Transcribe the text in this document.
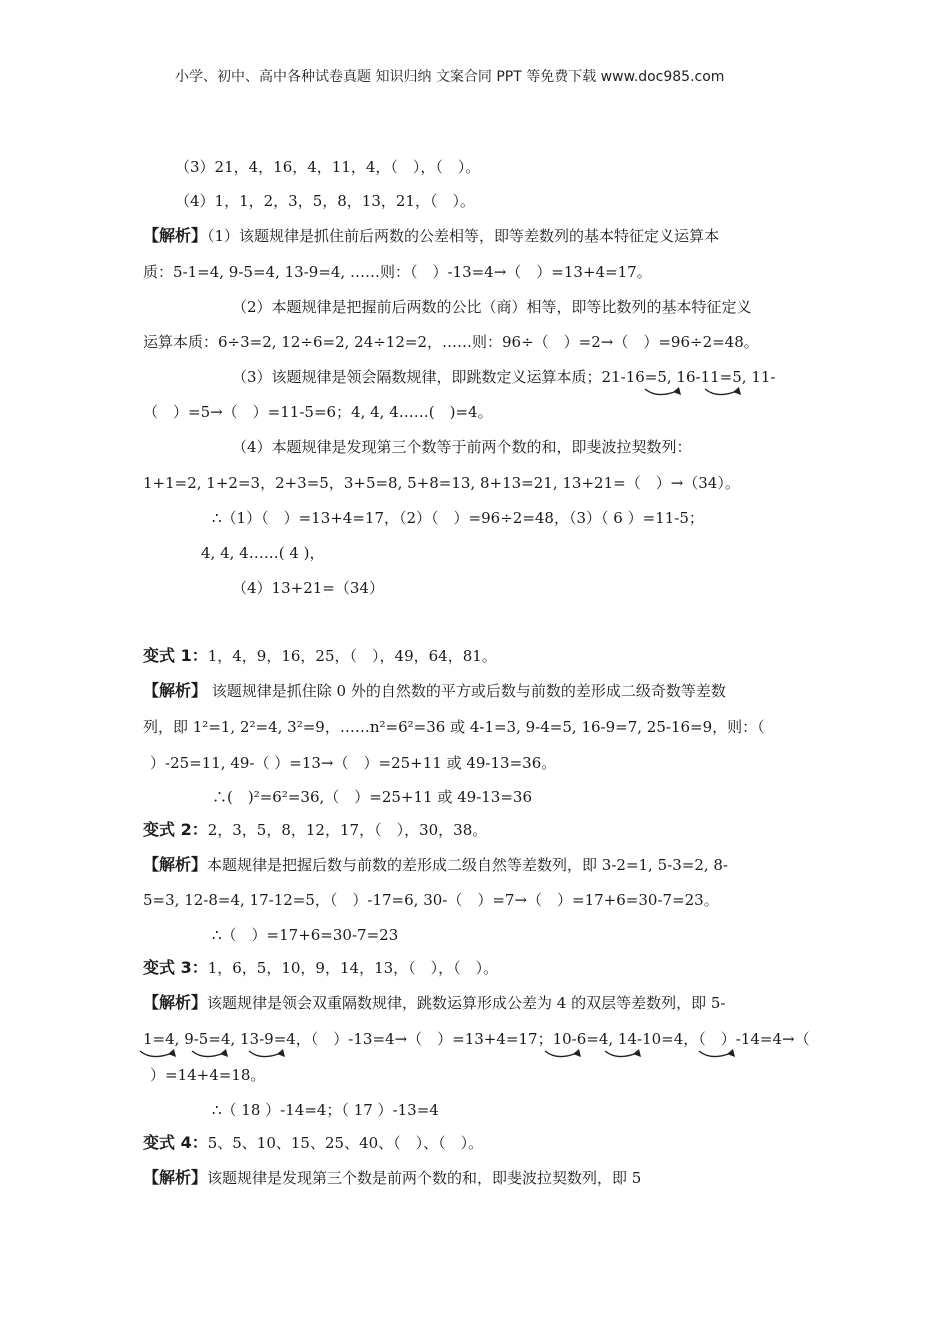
小学、初中、高中各种试卷真题 知识归纳 文案合同 PPT 等免费下载 www.doc985.com
（3）21，4，16，4，11，4，（　），（　）。
（4）1，1，2，3，5，8，13，21，（　）。
【解析】（1）该题规律是抓住前后两数的公差相等，即等差数列的基本特征定义运算本
质：5-1=4, 9-5=4, 13-9=4, ……则：（　）-13=4→（　）=13+4=17。
（2）本题规律是把握前后两数的公比（商）相等，即等比数列的基本特征定义
运算本质：6÷3=2, 12÷6=2, 24÷12=2，……则：96÷（　）=2→（　）=96÷2=48。
（3）该题规律是领会隔数规律，即跳数定义运算本质；21-16=5, 16-11=5, 11-
（　）=5→（　）=11-5=6；4, 4, 4……(　)=4。
（4）本题规律是发现第三个数等于前两个数的和，即斐波拉契数列：
1+1=2, 1+2=3，2+3=5，3+5=8, 5+8=13, 8+13=21, 13+21=（　）→（34）。
∴（1）（　）=13+4=17，（2）（　）=96÷2=48，（3）（ 6 ）=11-5；
4, 4, 4……( 4 )，
（4）13+21=（34）
变式 1：1，4，9，16，25，（　），49，64，81。
【解析】 该题规律是抓住除 0 外的自然数的平方或后数与前数的差形成二级奇数等差数
列，即 1²=1, 2²=4, 3²=9，……n²=6²=36 或 4-1=3, 9-4=5, 16-9=7, 25-16=9，则：（
）-25=11, 49-（ ）=13→（　）=25+11 或 49-13=36。
∴(　)²=6²=36,（　）=25+11 或 49-13=36
变式 2：2，3，5，8，12，17，（　），30，38。
【解析】本题规律是把握后数与前数的差形成二级自然等差数列，即 3-2=1, 5-3=2, 8-
5=3, 12-8=4, 17-12=5，（　）-17=6, 30-（　）=7→（　）=17+6=30-7=23。
∴（　）=17+6=30-7=23
变式 3：1，6，5，10，9，14，13，（　），（　）。
【解析】该题规律是领会双重隔数规律，跳数运算形成公差为 4 的双层等差数列，即 5-
1=4, 9-5=4, 13-9=4，（　）-13=4→（　）=13+4=17；10-6=4, 14-10=4，（　）-14=4→（
）=14+4=18。
∴（ 18 ）-14=4；（ 17 ）-13=4
变式 4：5、5、10、15、25、40、（　）、（　）。
【解析】该题规律是发现第三个数是前两个数的和，即斐波拉契数列，即 5
